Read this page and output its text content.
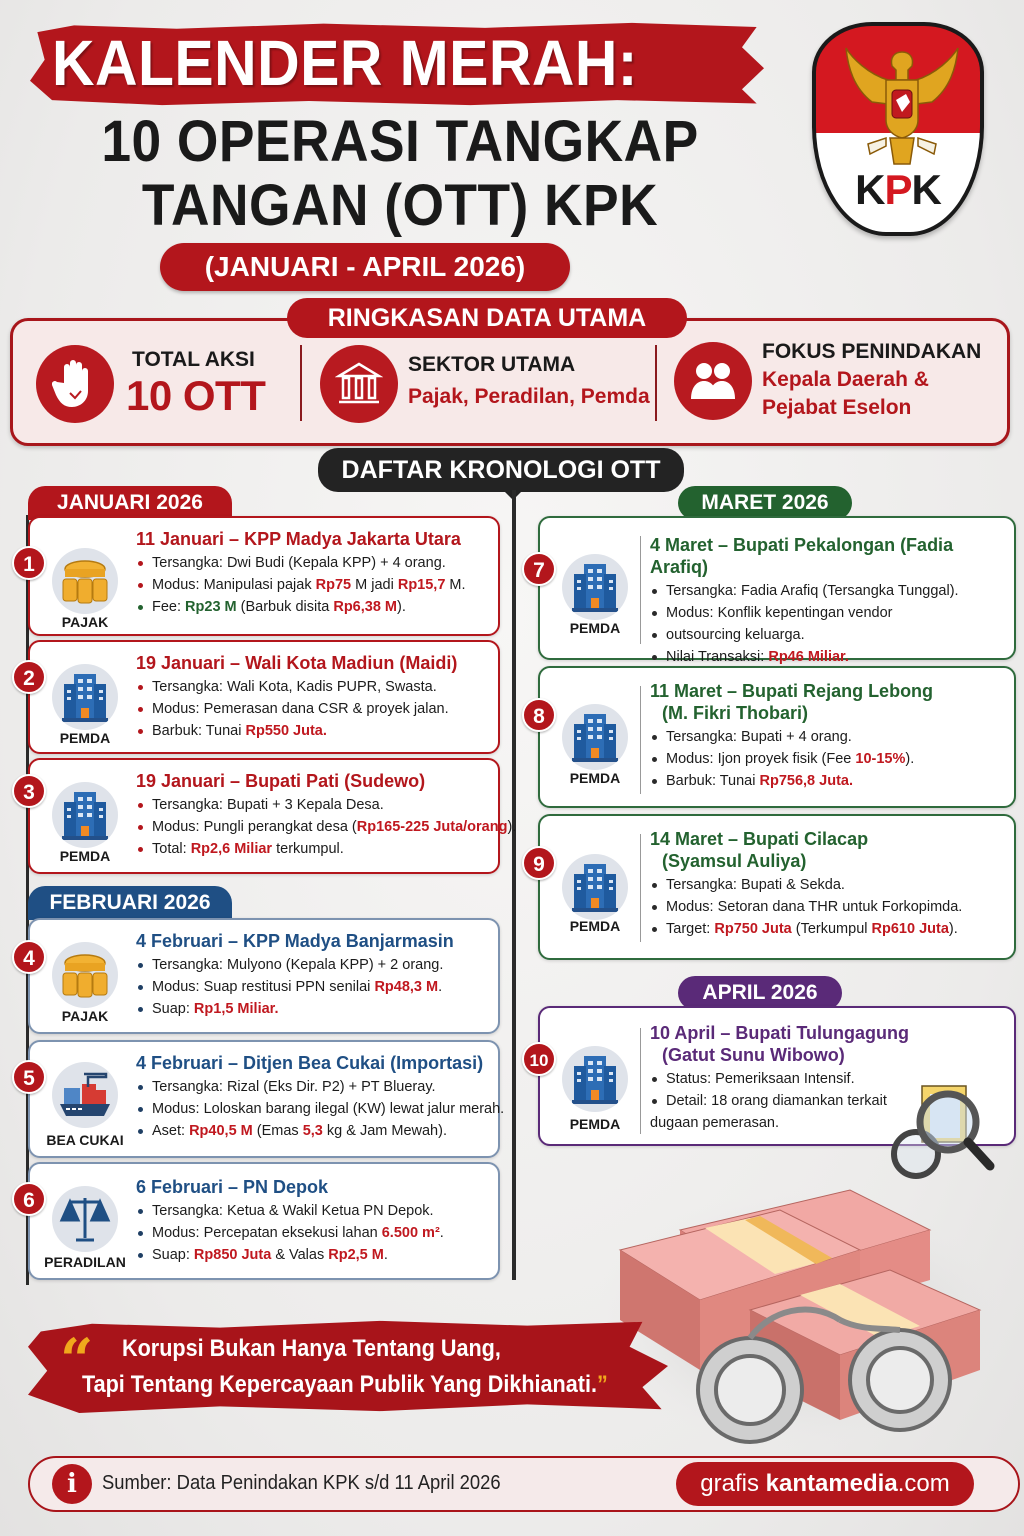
KALENDER MERAH:
10 OPERASI TANGKAP
TANGAN (OTT) KPK
(JANUARI - APRIL 2026)
KPK
RINGKASAN DATA UTAMA
TOTAL AKSI
10 OTT
SEKTOR UTAMA
Pajak, Peradilan, Pemda
FOKUS PENINDAKAN
Kepala Daerah &
Pejabat Eselon
DAFTAR KRONOLOGI OTT
JANUARI 2026
FEBRUARI 2026
MARET 2026
APRIL 2026
PAJAK
11 Januari – KPP Madya Jakarta Utara
Tersangka: Dwi Budi (Kepala KPP) + 4 orang.
Modus: Manipulasi pajak Rp75 M jadi Rp15,7 M.
Fee: Rp23 M (Barbuk disita Rp6,38 M).
1
PEMDA
19 Januari – Wali Kota Madiun (Maidi)
Tersangka: Wali Kota, Kadis PUPR, Swasta.
Modus: Pemerasan dana CSR & proyek jalan.
Barbuk: Tunai Rp550 Juta.
2
PEMDA
19 Januari – Bupati Pati (Sudewo)
Tersangka: Bupati + 3 Kepala Desa.
Modus: Pungli perangkat desa (Rp165-225 Juta/orang).
Total: Rp2,6 Miliar terkumpul.
3
PAJAK
4 Februari – KPP Madya Banjarmasin
Tersangka: Mulyono (Kepala KPP) + 2 orang.
Modus: Suap restitusi PPN senilai Rp48,3 M.
Suap: Rp1,5 Miliar.
4
BEA CUKAI
4 Februari – Ditjen Bea Cukai (Importasi)
Tersangka: Rizal (Eks Dir. P2) + PT Blueray.
Modus: Loloskan barang ilegal (KW) lewat jalur merah.
Aset: Rp40,5 M (Emas 5,3 kg & Jam Mewah).
5
PERADILAN
6 Februari – PN Depok
Tersangka: Ketua & Wakil Ketua PN Depok.
Modus: Percepatan eksekusi lahan 6.500 m².
Suap: Rp850 Juta & Valas Rp2,5 M.
6
PEMDA
4 Maret – Bupati Pekalongan (Fadia Arafiq)
Tersangka: Fadia Arafiq (Tersangka Tunggal).
Modus: Konflik kepentingan vendor
outsourcing keluarga.
Nilai Transaksi: Rp46 Miliar.
7
PEMDA
11 Maret – Bupati Rejang Lebong
(M. Fikri Thobari)
Tersangka: Bupati + 4 orang.
Modus: Ijon proyek fisik (Fee 10-15%).
Barbuk: Tunai Rp756,8 Juta.
8
PEMDA
14 Maret – Bupati Cilacap
(Syamsul Auliya)
Tersangka: Bupati & Sekda.
Modus: Setoran dana THR untuk Forkopimda.
Target: Rp750 Juta (Terkumpul Rp610 Juta).
9
PEMDA
10 April – Bupati Tulungagung
(Gatut Sunu Wibowo)
Status: Pemeriksaan Intensif.
Detail: 18 orang diamankan terkait
dugaan pemerasan.
10
“ Korupsi Bukan Hanya Tentang Uang,
Tapi Tentang Kepercayaan Publik Yang Dikhianati.”
i	Sumber: Data Penindakan KPK s/d 11 April 2026	grafis kantamedia.com
